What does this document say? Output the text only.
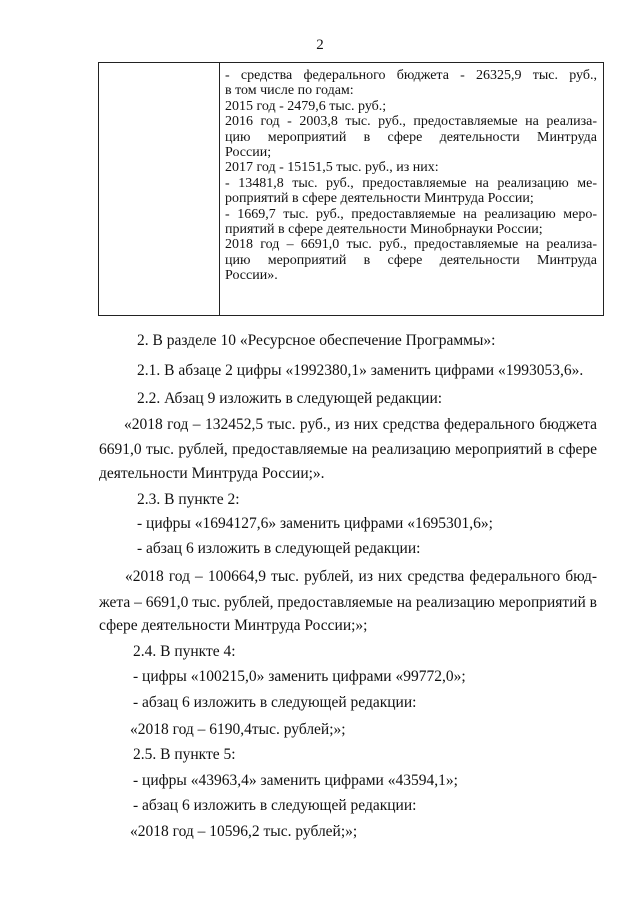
2
- средства федерального бюджета - 26325,9 тыс. руб.,
в том числе по годам:
2015 год - 2479,6 тыс. руб.;
2016 год - 2003,8 тыс. руб., предоставляемые на реализа-
цию мероприятий в сфере деятельности Минтруда
России;
2017 год - 15151,5 тыс. руб., из них:
- 13481,8 тыс. руб., предоставляемые на реализацию ме-
роприятий в сфере деятельности Минтруда России;
- 1669,7 тыс. руб., предоставляемые на реализацию меро-
приятий в сфере деятельности Минобрнауки России;
2018 год – 6691,0 тыс. руб., предоставляемые на реализа-
цию мероприятий в сфере деятельности Минтруда
России».
2. В разделе 10 «Ресурсное обеспечение Программы»:
2.1. В абзаце 2 цифры «1992380,1» заменить цифрами «1993053,6».
2.2. Абзац 9 изложить в следующей редакции:
«2018 год – 132452,5 тыс. руб., из них средства федерального бюджета
6691,0 тыс. рублей, предоставляемые на реализацию мероприятий в сфере
деятельности Минтруда России;».
2.3. В пункте 2:
- цифры «1694127,6» заменить цифрами «1695301,6»;
- абзац 6 изложить в следующей редакции:
«2018 год – 100664,9 тыс. рублей, из них средства федерального бюд-
жета – 6691,0 тыс. рублей, предоставляемые на реализацию мероприятий в
сфере деятельности Минтруда России;»;
2.4. В пункте 4:
- цифры «100215,0» заменить цифрами «99772,0»;
- абзац 6 изложить в следующей редакции:
«2018 год – 6190,4тыс. рублей;»;
2.5. В пункте 5:
- цифры «43963,4» заменить цифрами «43594,1»;
- абзац 6 изложить в следующей редакции:
«2018 год – 10596,2 тыс. рублей;»;
